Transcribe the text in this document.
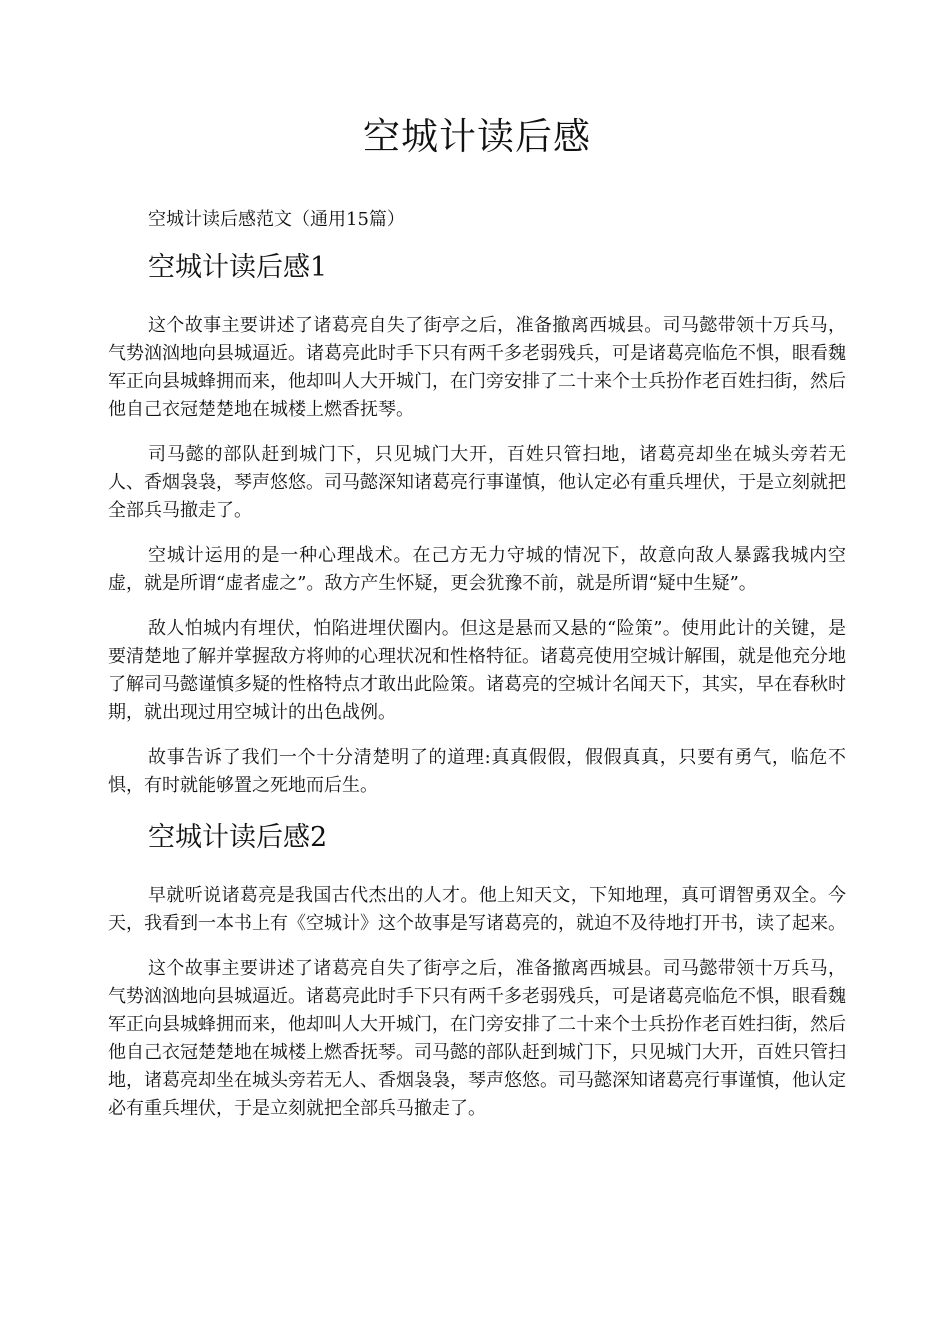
空城计读后感

空城计读后感范文（通用15篇）

空城计读后感1

这个故事主要讲述了诸葛亮自失了街亭之后，准备撤离西城县。司马懿带领十万兵马，气势汹汹地向县城逼近。诸葛亮此时手下只有两千多老弱残兵，可是诸葛亮临危不惧，眼看魏军正向县城蜂拥而来，他却叫人大开城门，在门旁安排了二十来个士兵扮作老百姓扫街，然后他自己衣冠楚楚地在城楼上燃香抚琴。

司马懿的部队赶到城门下，只见城门大开，百姓只管扫地，诸葛亮却坐在城头旁若无人、香烟袅袅，琴声悠悠。司马懿深知诸葛亮行事谨慎，他认定必有重兵埋伏，于是立刻就把全部兵马撤走了。

空城计运用的是一种心理战术。在己方无力守城的情况下，故意向敌人暴露我城内空虚，就是所谓“虚者虚之”。敌方产生怀疑，更会犹豫不前，就是所谓“疑中生疑”。

敌人怕城内有埋伏，怕陷进埋伏圈内。但这是悬而又悬的“险策”。使用此计的关键，是要清楚地了解并掌握敌方将帅的心理状况和性格特征。诸葛亮使用空城计解围，就是他充分地了解司马懿谨慎多疑的性格特点才敢出此险策。诸葛亮的空城计名闻天下，其实，早在春秋时期，就出现过用空城计的出色战例。

故事告诉了我们一个十分清楚明了的道理:真真假假，假假真真，只要有勇气，临危不惧，有时就能够置之死地而后生。

空城计读后感2

早就听说诸葛亮是我国古代杰出的人才。他上知天文，下知地理，真可谓智勇双全。今天，我看到一本书上有《空城计》这个故事是写诸葛亮的，就迫不及待地打开书，读了起来。

这个故事主要讲述了诸葛亮自失了街亭之后，准备撤离西城县。司马懿带领十万兵马，气势汹汹地向县城逼近。诸葛亮此时手下只有两千多老弱残兵，可是诸葛亮临危不惧，眼看魏军正向县城蜂拥而来，他却叫人大开城门，在门旁安排了二十来个士兵扮作老百姓扫街，然后他自己衣冠楚楚地在城楼上燃香抚琴。司马懿的部队赶到城门下，只见城门大开，百姓只管扫地，诸葛亮却坐在城头旁若无人、香烟袅袅，琴声悠悠。司马懿深知诸葛亮行事谨慎，他认定必有重兵埋伏，于是立刻就把全部兵马撤走了。
